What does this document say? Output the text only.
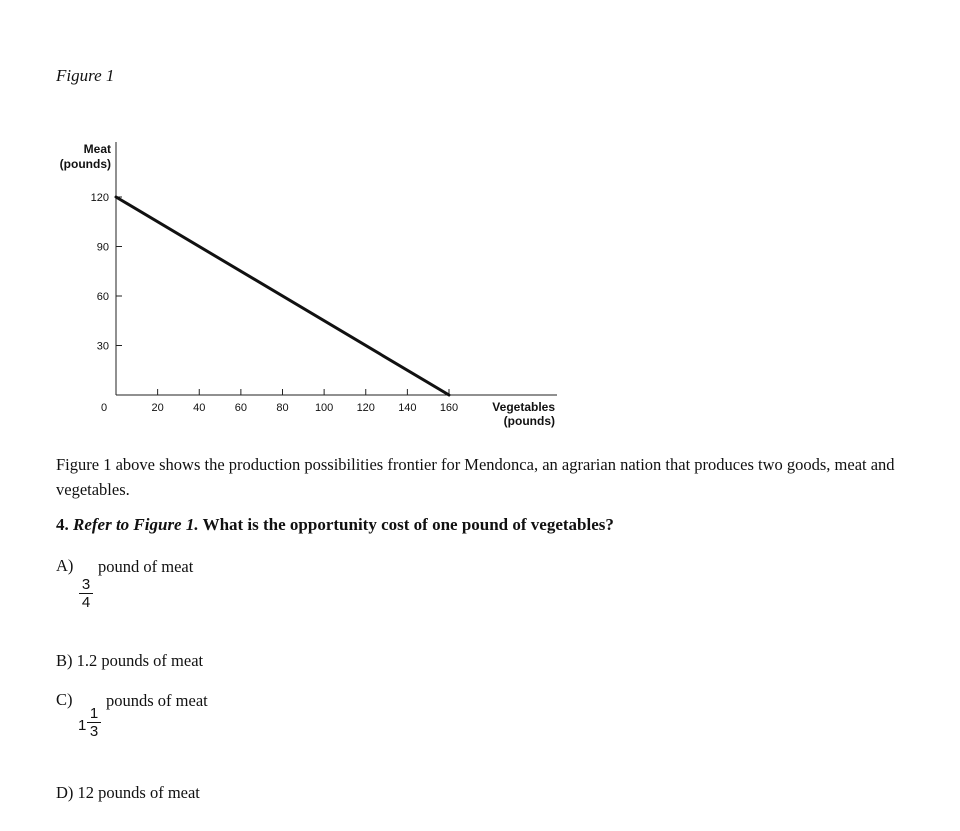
Figure 1
20	40	60	80 100 120 140 160
0
30
60
90
120
Meat
(pounds)
Vegetables
(pounds)
Figure 1 above shows the production possibilities frontier for Mendonca, an agrarian nation that produces two goods, meat and vegetables.
4. Refer to Figure 1. What is the opportunity cost of one pound of vegetables?
A) pound of meat
3
4
B) 1.2 pounds of meat
C) pounds of meat
1
1
3
D) 12 pounds of meat
